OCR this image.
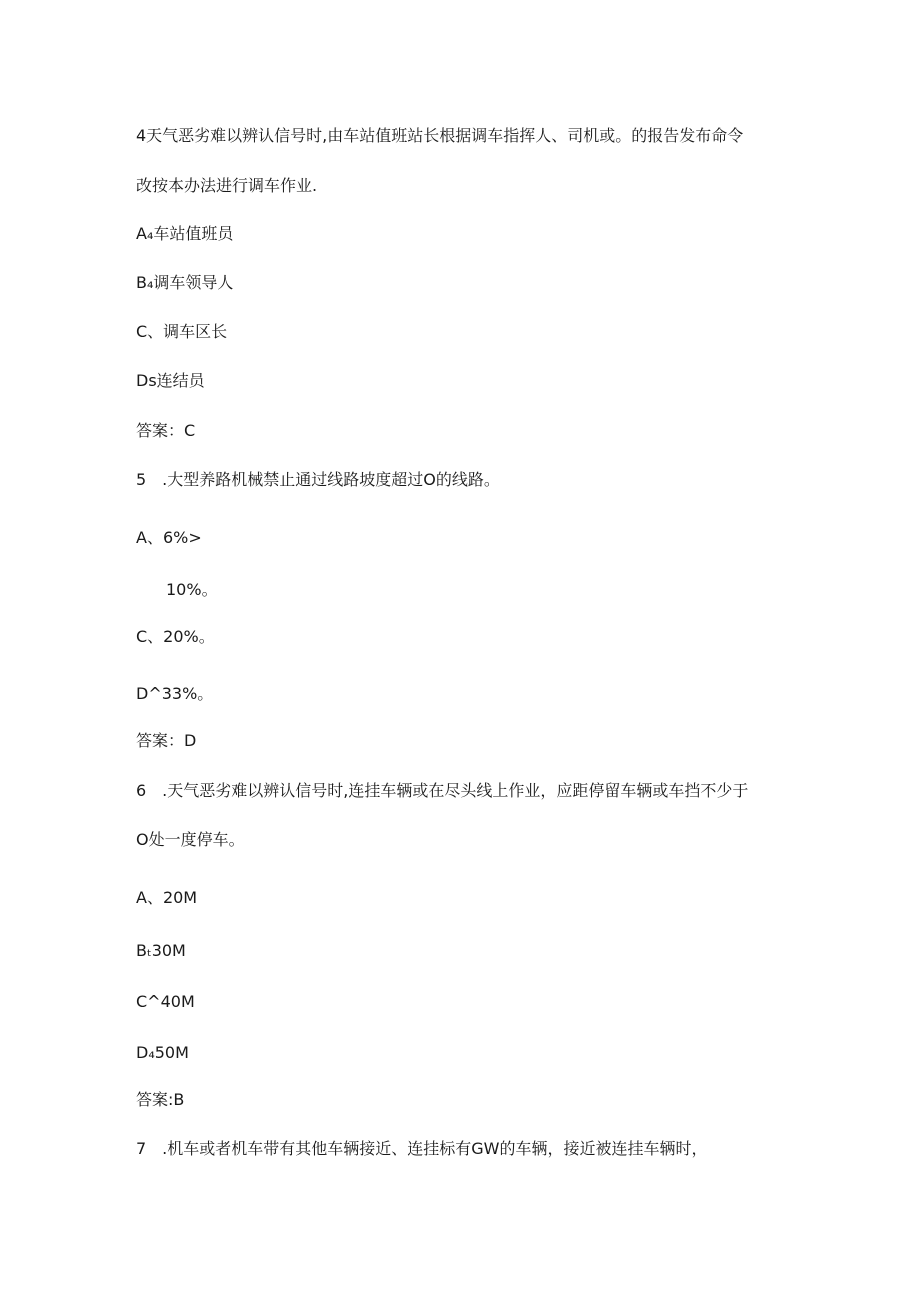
4天气恶劣难以辨认信号时,由车站值班站长根据调车指挥人、司机或。的报告发布命令
改按本办法进行调车作业.
A₄车站值班员
B₄调车领导人
C、调车区长
Ds连结员
答案：C
5　.大型养路机械禁止通过线路坡度超过O的线路。
A、6%>
10%。
C、20%。
D^33%。
答案：D
6　.天气恶劣难以辨认信号时,连挂车辆或在尽头线上作业，应距停留车辆或车挡不少于
O处一度停车。
A、20M
Bₜ30M
C^40M
D₄50M
答案:B
7　.机车或者机车带有其他车辆接近、连挂标有GW的车辆，接近被连挂车辆时，
